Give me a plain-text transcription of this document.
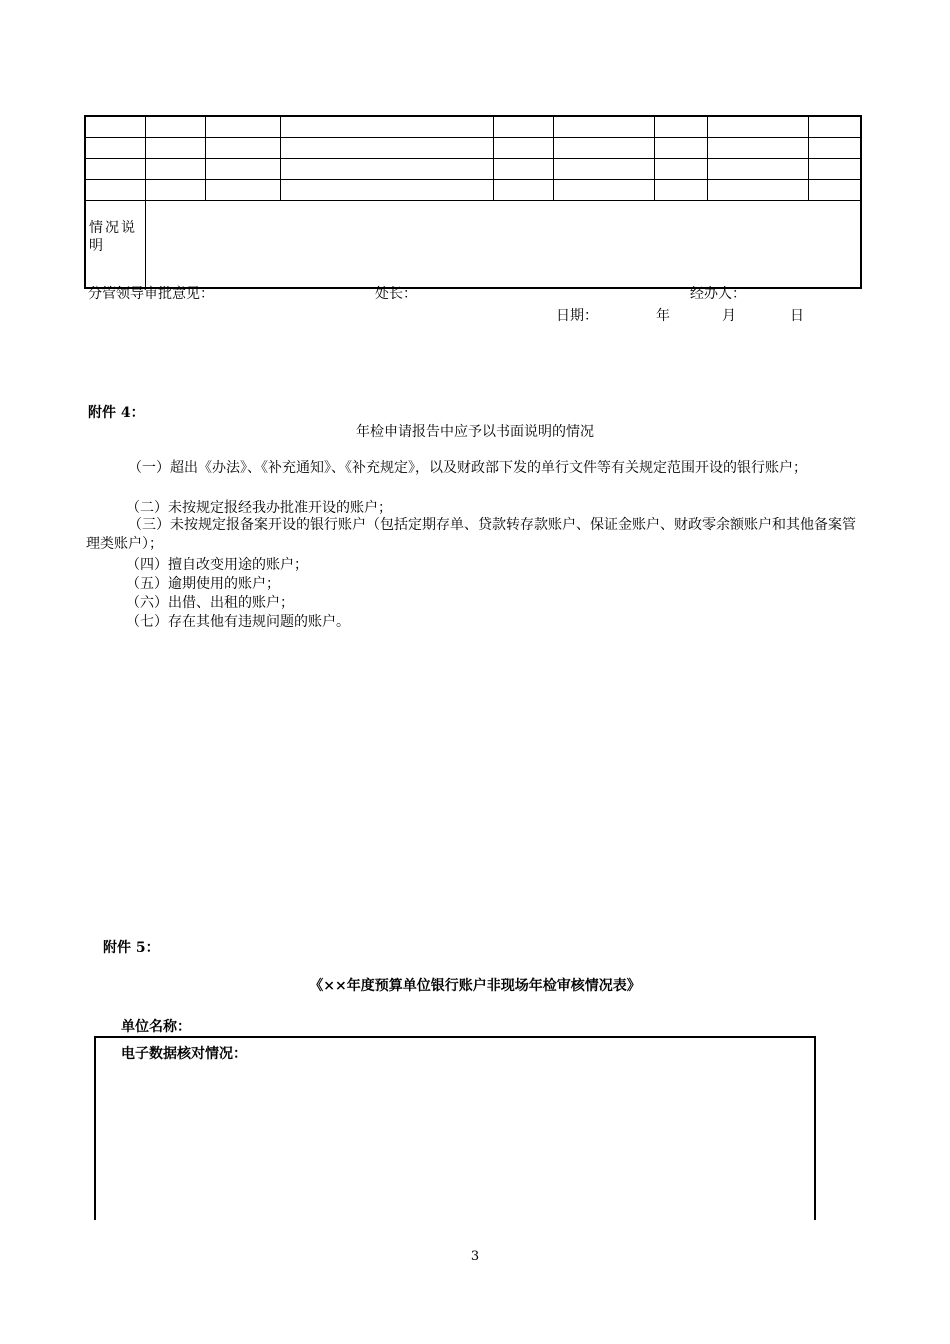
情况说明								
分管领导审批意见：	处长：	经办人：
日期：	年	月	日
附件 4：
年检申请报告中应予以书面说明的情况
（一）超出《办法》、《补充通知》、《补充规定》，以及财政部下发的单行文件等有关规定范围开设的银行账户；
（二）未按规定报经我办批准开设的账户；
（三）未按规定报备案开设的银行账户（包括定期存单、贷款转存款账户、保证金账户、财政零余额账户和其他备案管理类账户）；
（四）擅自改变用途的账户；
（五）逾期使用的账户；
（六）出借、出租的账户；
（七）存在其他有违规问题的账户。
附件 5：
《××年度预算单位银行账户非现场年检审核情况表》
单位名称：
电子数据核对情况：
3
